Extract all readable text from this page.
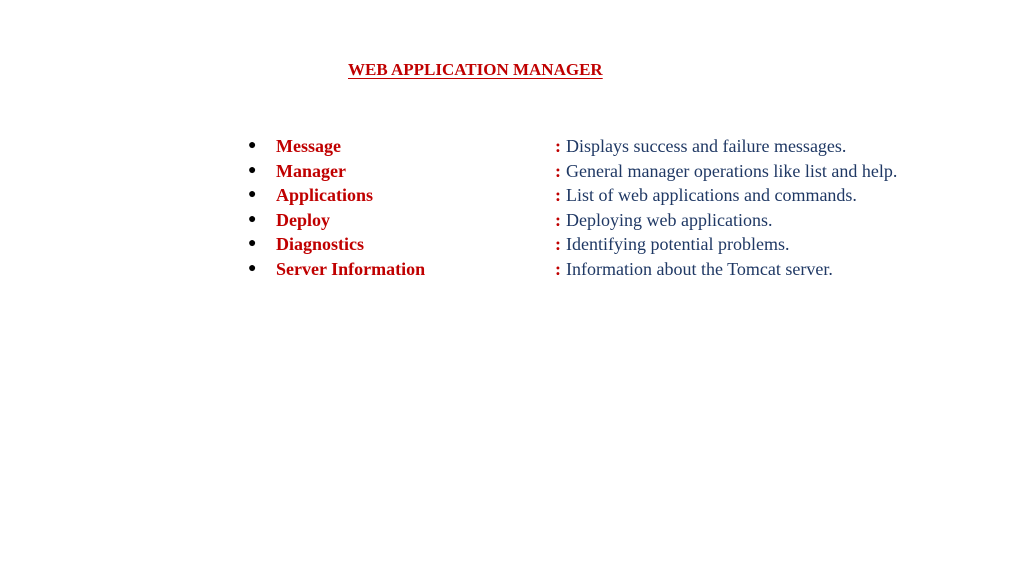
WEB APPLICATION MANAGER
● Message	: Displays success and failure messages.
● Manager	: General manager operations like list and help.
● Applications	: List of web applications and commands.
● Deploy	: Deploying web applications.
● Diagnostics	: Identifying potential problems.
● Server Information	: Information about the Tomcat server.
